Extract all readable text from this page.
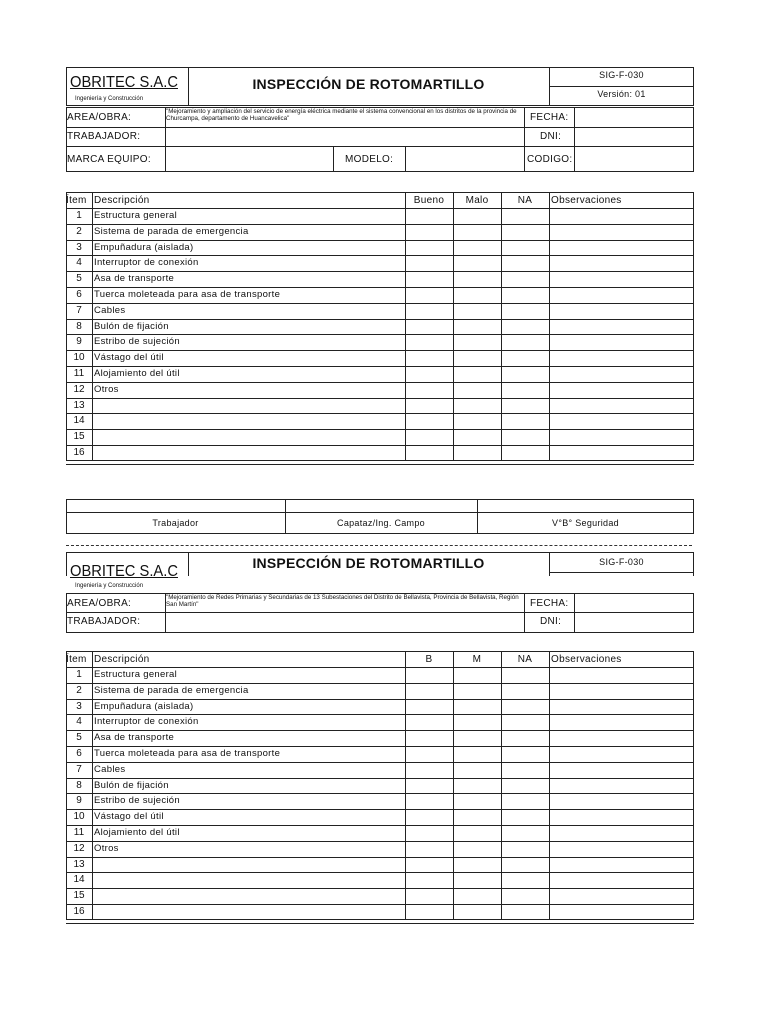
OBRITEC S.A.C
Ingeniería y Construcción
INSPECCIÓN DE ROTOMARTILLO
SIG-F-030
Versión: 01
AREA/OBRA:
"Mejoramiento y ampliación del servicio de energía eléctrica mediante el sistema convencional en los distritos de la provincia de Churcampa, departamento de Huancavelica"	FECHA:
TRABAJADOR:	DNI:
MARCA EQUIPO:	MODELO:	CODIGO:
Ítem Descripción	Bueno	Malo	NA	Observaciones
1	Estructura general
2	Sistema de parada de emergencia
3	Empuñadura (aislada)
4	Interruptor de conexión
5	Asa de transporte
6	Tuerca moleteada para asa de transporte
7	Cables
8	Bulón de fijación
9	Estribo de sujeción
10 Vástago del útil
11	Alojamiento del útil
12 Otros
13
14
15
16
Trabajador	Capataz/Ing. Campo	V°B° Seguridad
OBRITEC S.A.C
Ingeniería y Construcción
INSPECCIÓN DE ROTOMARTILLO	SIG-F-030
AREA/OBRA:
"Mejoramiento de Redes Primarias y Secundarias de 13 Subestaciones del Distrito de Bellavista, Provincia de Bellavista, Región San Martín"	FECHA:
TRABAJADOR:	DNI:
Ítem Descripción	B	M	NA	Observaciones
1	Estructura general
2	Sistema de parada de emergencia
3	Empuñadura (aislada)
4	Interruptor de conexión
5	Asa de transporte
6	Tuerca moleteada para asa de transporte
7	Cables
8	Bulón de fijación
9	Estribo de sujeción
10 Vástago del útil
11	Alojamiento del útil
12 Otros
13
14
15
16
